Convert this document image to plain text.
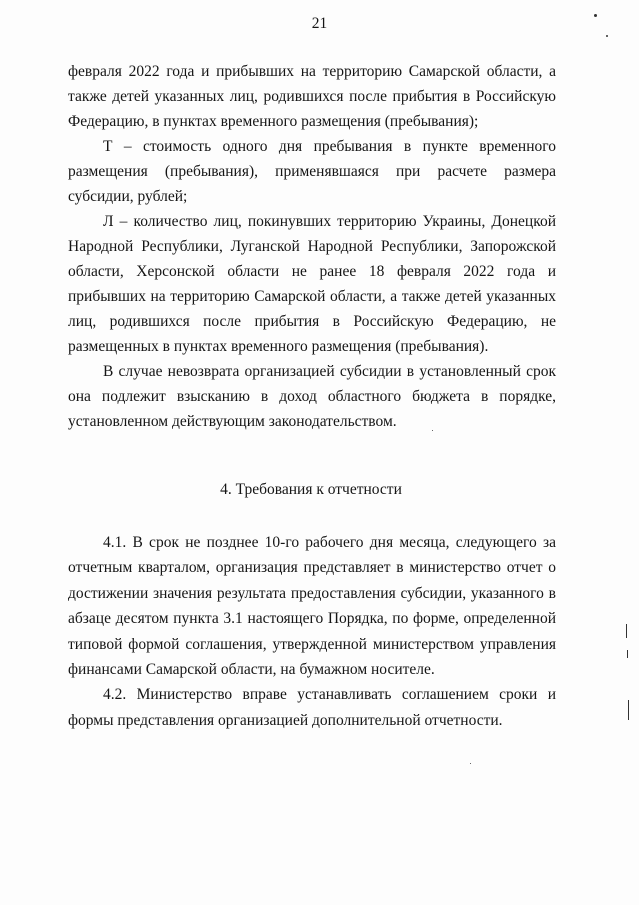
21

февраля 2022 года и прибывших на территорию Самарской области, а также детей указанных лиц, родившихся после прибытия в Российскую Федерацию, в пунктах временного размещения (пребывания);

Т – стоимость одного дня пребывания в пункте временного размещения (пребывания), применявшаяся при расчете размера субсидии, рублей;

Л – количество лиц, покинувших территорию Украины, Донецкой Народной Республики, Луганской Народной Республики, Запорожской области, Херсонской области не ранее 18 февраля 2022 года и прибывших на территорию Самарской области, а также детей указанных лиц, родившихся после прибытия в Российскую Федерацию, не размещенных в пунктах временного размещения (пребывания).

В случае невозврата организацией субсидии в установленный срок она подлежит взысканию в доход областного бюджета в порядке, установленном действующим законодательством.

4. Требования к отчетности

4.1. В срок не позднее 10-го рабочего дня месяца, следующего за отчетным кварталом, организация представляет в министерство отчет о достижении значения результата предоставления субсидии, указанного в абзаце десятом пункта 3.1 настоящего Порядка, по форме, определенной типовой формой соглашения, утвержденной министерством управления финансами Самарской области, на бумажном носителе.

4.2. Министерство вправе устанавливать соглашением сроки и формы представления организацией дополнительной отчетности.
